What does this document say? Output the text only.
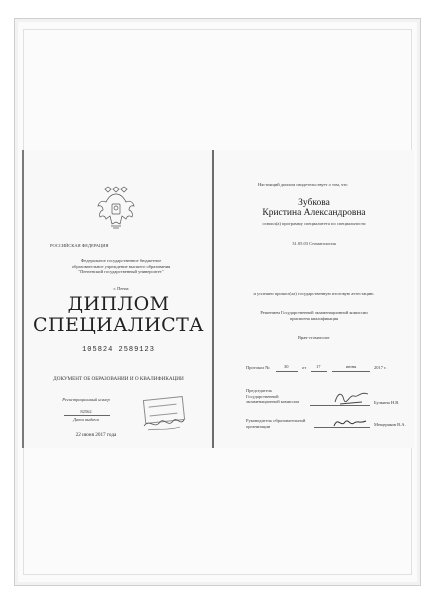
РОССИЙСКАЯ ФЕДЕРАЦИЯ
Федеральное государственное бюджетное
образовательное учреждение высшего образования
"Пензенский государственный университет"
г. Пенза
ДИПЛОМ
СПЕЦИАЛИСТА
105824 2589123
ДОКУМЕНТ ОБ ОБРАЗОВАНИИ И О КВАЛИФИКАЦИИ
Регистрационный номер
82562
Дата выдачи
22 июня 2017 года
Настоящий диплом свидетельствует о том, что
Зубкова
Кристина Александровна
освоил(а) программу специалитета по специальности
31.05.03 Стоматология
и успешно прошел(ла) государственную итоговую аттестацию.
Решением Государственной экзаменационной комиссии
присвоена квалификация
Врач-стоматолог
Протокол №	30	от 17	июня	2017 г.
Председатель
Государственной
экзаменационной комиссии	Булкина Н.В.
Руководитель образовательной
организации	Мещеряков В.А.
